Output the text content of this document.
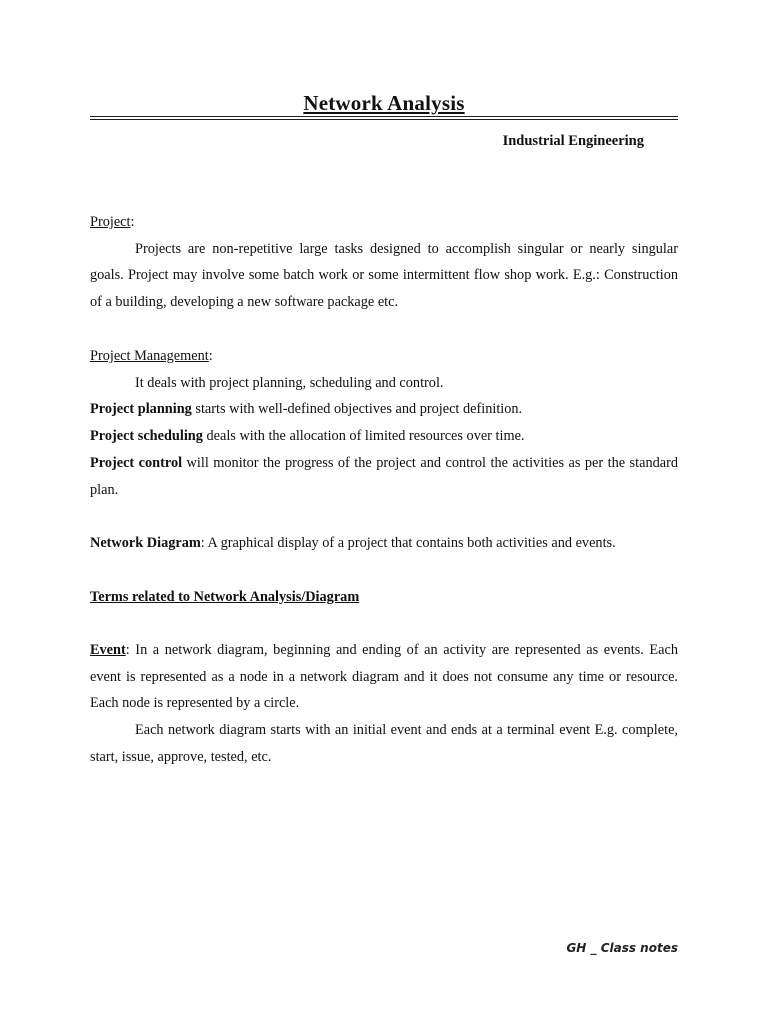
Network Analysis
Industrial Engineering
Project:
Projects are non-repetitive large tasks designed to accomplish singular or nearly singular goals. Project may involve some batch work or some intermittent flow shop work. E.g.: Construction of a building, developing a new software package etc.
Project Management:
It deals with project planning, scheduling and control.
Project planning starts with well-defined objectives and project definition.
Project scheduling deals with the allocation of limited resources over time.
Project control will monitor the progress of the project and control the activities as per the standard plan.
Network Diagram: A graphical display of a project that contains both activities and events.
Terms related to Network Analysis/Diagram
Event: In a network diagram, beginning and ending of an activity are represented as events. Each event is represented as a node in a network diagram and it does not consume any time or resource. Each node is represented by a circle.
Each network diagram starts with an initial event and ends at a terminal event E.g. complete, start, issue, approve, tested, etc.
GH _ Class notes
